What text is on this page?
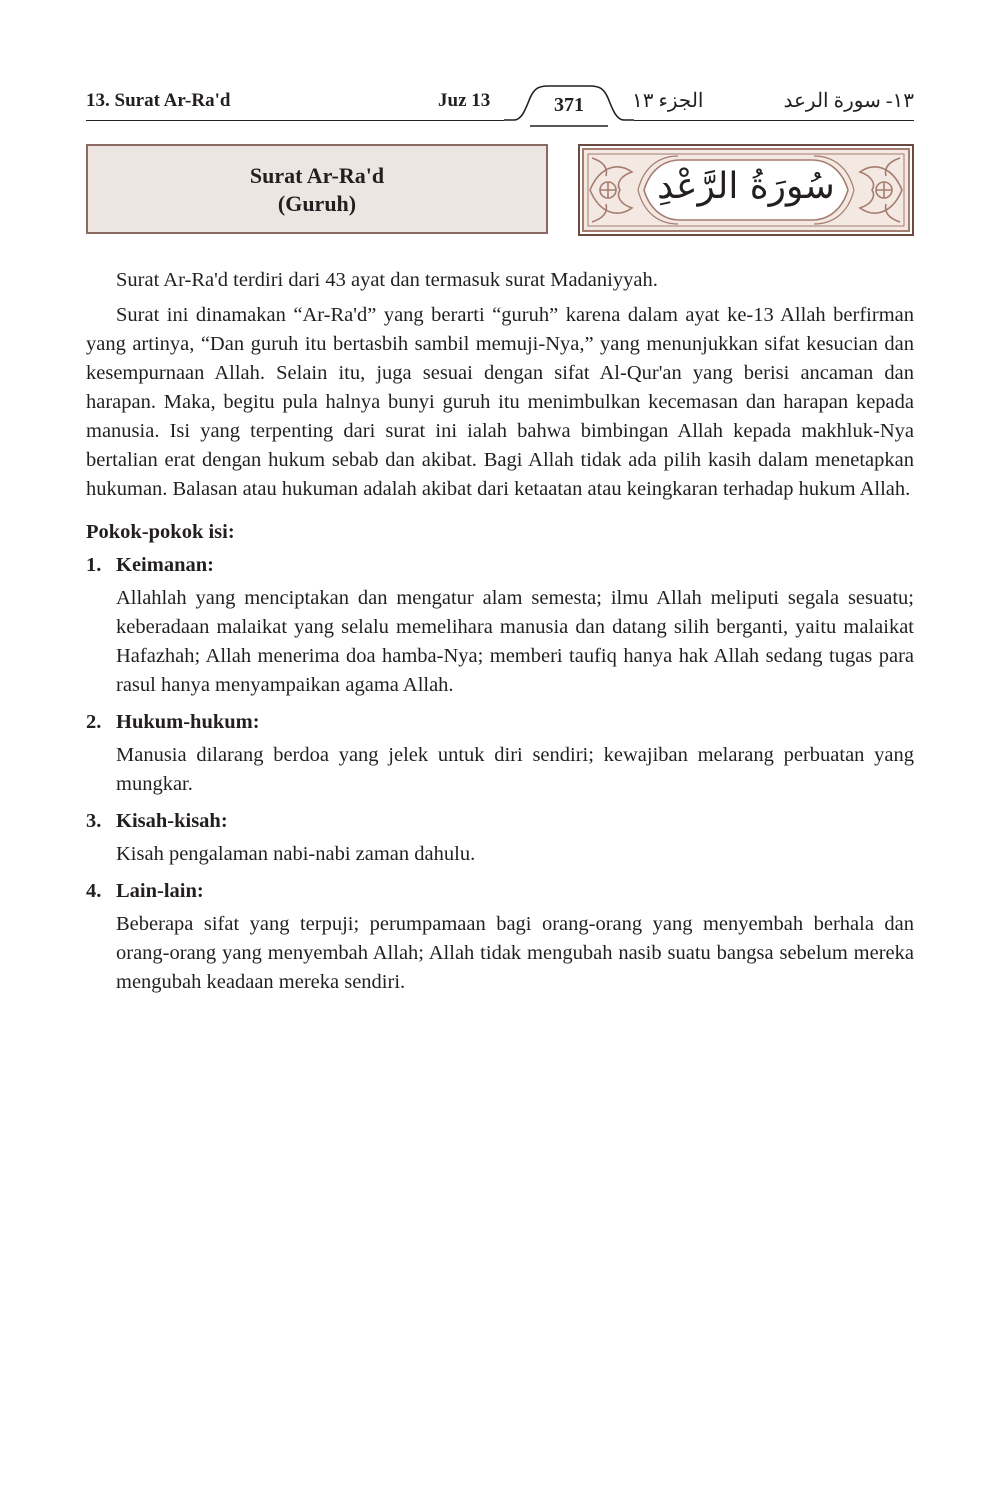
13. Surat Ar-Ra'd	Juz 13	371	الجزء ١٣	١٣- سورة الرعد
Surat Ar-Ra'd
(Guruh)	سُورَةُ الرَّعْدِ

Surat Ar-Ra'd terdiri dari 43 ayat dan termasuk surat Madaniyyah.

Surat ini dinamakan “Ar-Ra'd” yang berarti “guruh” karena dalam ayat ke-13 Allah berfirman yang artinya, “Dan guruh itu bertasbih sambil memuji-Nya,” yang menunjukkan sifat kesucian dan kesempurnaan Allah. Selain itu, juga sesuai dengan sifat Al-Qur'an yang berisi ancaman dan harapan. Maka, begitu pula halnya bunyi guruh itu menimbulkan kecemasan dan harapan kepada manusia. Isi yang terpenting dari surat ini ialah bahwa bimbingan Allah kepada makhluk-Nya bertalian erat dengan hukum sebab dan akibat. Bagi Allah tidak ada pilih kasih dalam menetapkan hukuman. Balasan atau hukuman adalah akibat dari ketaatan atau keingkaran terhadap hukum Allah.

Pokok-pokok isi:
1. Keimanan:
Allahlah yang menciptakan dan mengatur alam semesta; ilmu Allah meliputi segala sesuatu; keberadaan malaikat yang selalu memelihara manusia dan datang silih berganti, yaitu malaikat Hafazhah; Allah menerima doa hamba-Nya; memberi taufiq hanya hak Allah sedang tugas para rasul hanya menyampaikan agama Allah.
2. Hukum-hukum:
Manusia dilarang berdoa yang jelek untuk diri sendiri; kewajiban melarang perbuatan yang mungkar.
3. Kisah-kisah:
Kisah pengalaman nabi-nabi zaman dahulu.
4. Lain-lain:
Beberapa sifat yang terpuji; perumpamaan bagi orang-orang yang menyembah berhala dan orang-orang yang menyembah Allah; Allah tidak mengubah nasib suatu bangsa sebelum mereka mengubah keadaan mereka sendiri.
